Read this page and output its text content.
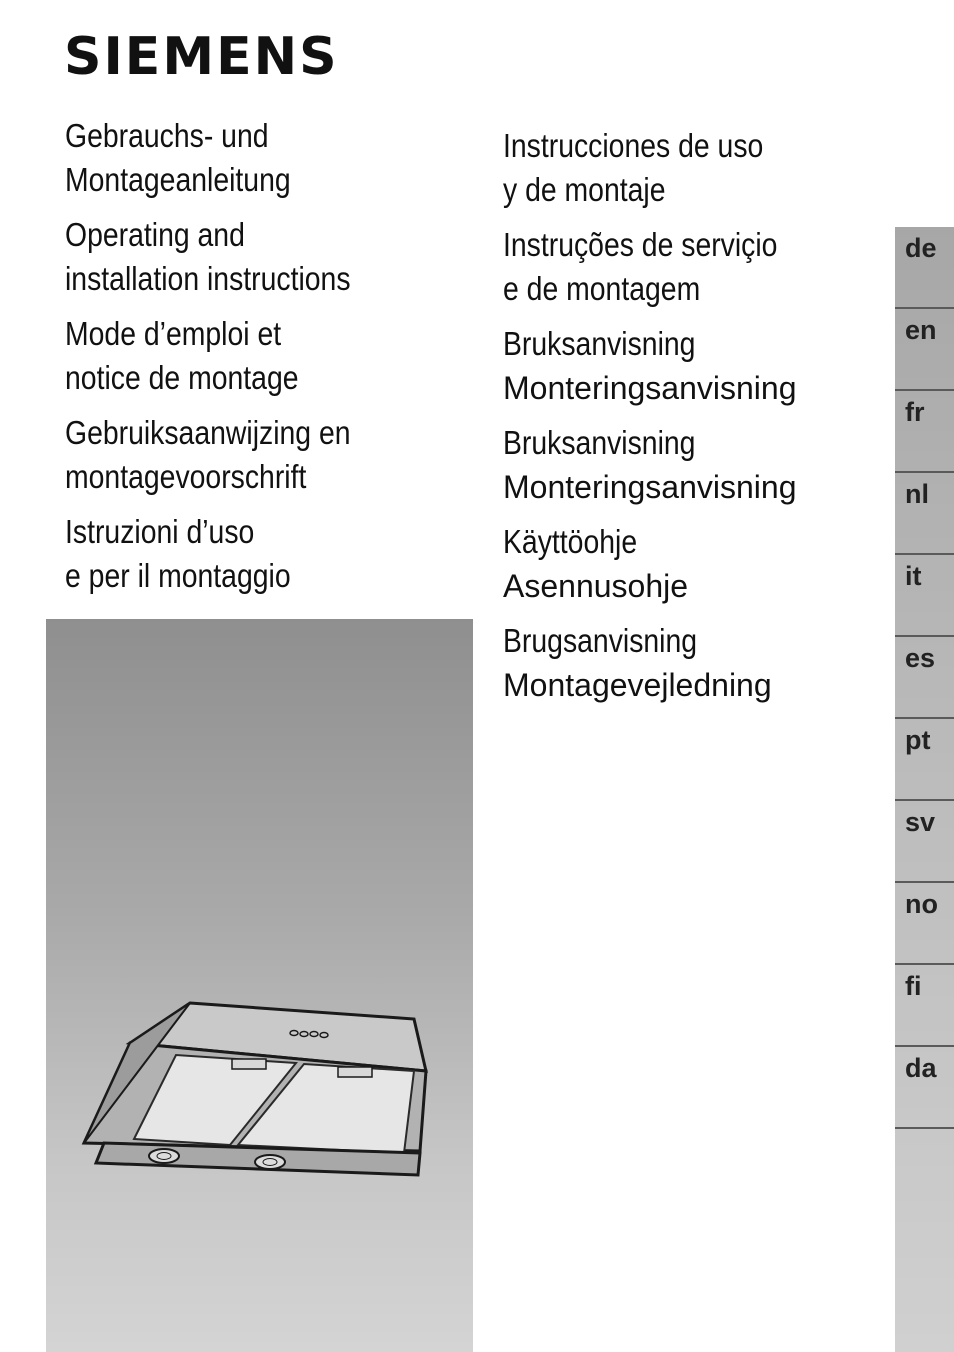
SIEMENS
Gebrauchs- und
Montageanleitung
Operating and
installation instructions
Mode d’emploi et
notice de montage
Gebruiksaanwijzing en
montagevoorschrift
Istruzioni d’uso
e per il montaggio
Instrucciones de uso
y de montaje
Instruções de serviçio
e de montagem
Bruksanvisning
Monteringsanvisning
Bruksanvisning
Monteringsanvisning
Käyttöohje
Asennusohje
Brugsanvisning
Montagevejledning
de
en
fr
nl
it
es
pt
sv
no
fi
da
